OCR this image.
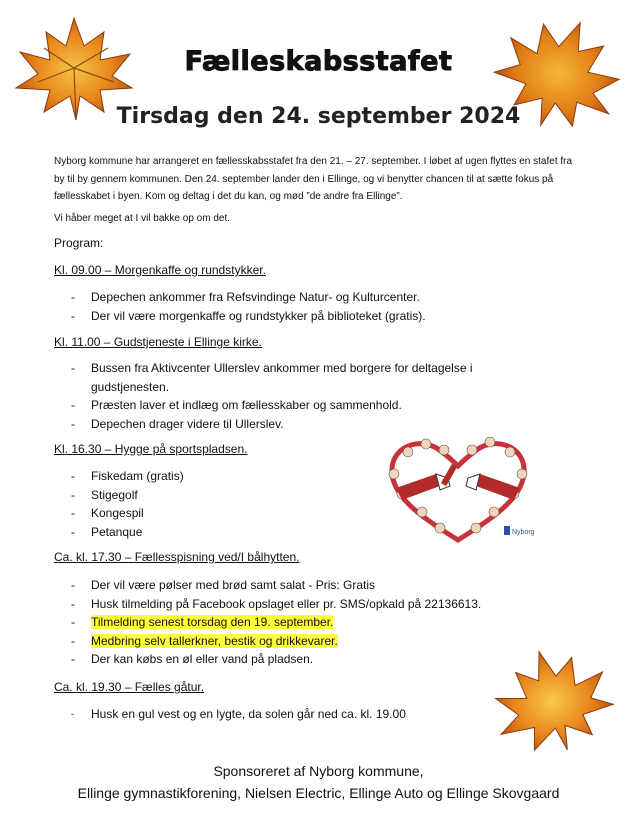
Fælleskabsstafet
Tirsdag den 24. september 2024
Nyborg kommune har arrangeret en fællesskabsstafet fra den 21. – 27. september. I løbet af ugen flyttes en stafet fra by til by gennem kommunen. Den 24. september lander den i Ellinge, og vi benytter chancen til at sætte fokus på fællesskabet i byen. Kom og deltag i det du kan, og mød ”de andre fra Ellinge”.
Vi håber meget at I vil bakke op om det.
Program:
Kl. 09.00 – Morgenkaffe og rundstykker.
- Depechen ankommer fra Refsvindinge Natur- og Kulturcenter.
- Der vil være morgenkaffe og rundstykker på biblioteket (gratis).
Kl. 11.00 – Gudstjeneste i Ellinge kirke.
- Bussen fra Aktivcenter Ullerslev ankommer med borgere for deltagelse i gudstjenesten.
- Præsten laver et indlæg om fællesskaber og sammenhold.
- Depechen drager videre til Ullerslev.
Kl. 16.30 – Hygge på sportspladsen.
- Fiskedam (gratis)
- Stigegolf
- Kongespil
- Petanque	Nyborg
Ca. kl. 17.30 – Fællesspisning ved/I bålhytten.
- Der vil være pølser med brød samt salat - Pris: Gratis
- Husk tilmelding på Facebook opslaget eller pr. SMS/opkald på 22136613.
- Tilmelding senest torsdag den 19. september.
- Medbring selv tallerkner, bestik og drikkevarer.
- Der kan købs en øl eller vand på pladsen.
Ca. kl. 19.30 – Fælles gåtur.
- Husk en gul vest og en lygte, da solen går ned ca. kl. 19.00
Sponsoreret af Nyborg kommune,
Ellinge gymnastikforening, Nielsen Electric, Ellinge Auto og Ellinge Skovgaard
